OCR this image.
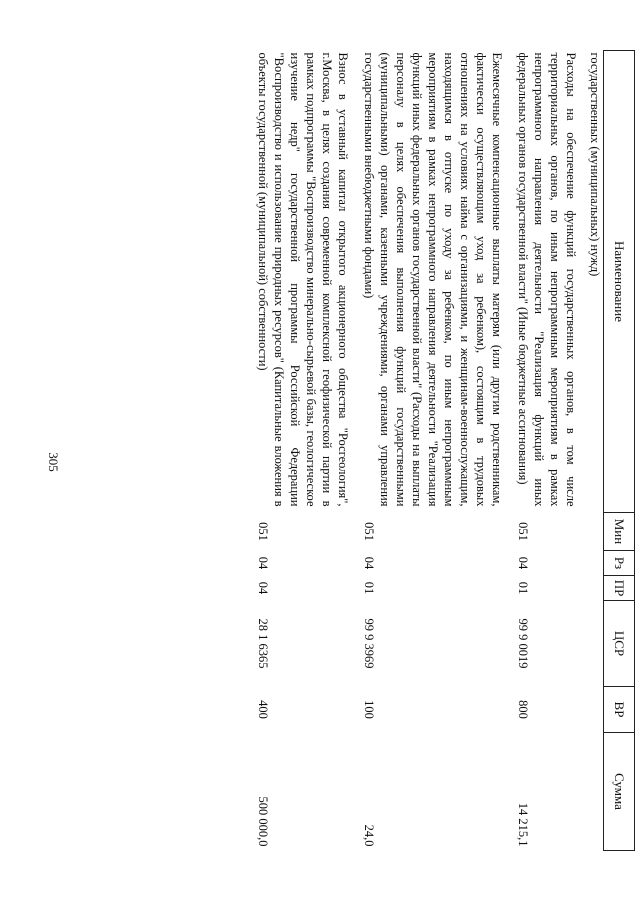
305
Наименование	Мин	Рз	ПР	ЦСР	ВР	Сумма
государственных (муниципальных) нужд)						
Расходы на обеспечение функций государственных органов, в том числе территориальных органов, по иным непрограммным мероприятиям в рамках непрограммного направления деятельности "Реализация функций иных федеральных органов государственной власти" (Иные бюджетные ассигнования)	051	04	01	99 9 0019	800	14 215,1
Ежемесячные компенсационные выплаты матерям (или другим родственникам, фактически осуществляющим уход за ребенком), состоящим в трудовых отношениях на условиях найма с организациями, и женщинам-военнослужащим, находящимся в отпуске по уходу за ребенком, по иным непрограммным мероприятиям в рамках непрограммного направления деятельности "Реализация функций иных федеральных органов государственной власти" (Расходы на выплаты персоналу в целях обеспечения выполнения функций государственными (муниципальными) органами, казенными учреждениями, органами управления государственными внебюджетными фондами)	051	04	01	99 9 3969	100	24,0
Взнос в уставный капитал открытого акционерного общества "Росгеология", г.Москва, в целях создания современной комплексной геофизической партии в рамках подпрограммы "Воспроизводство минерально-сырьевой базы, геологическое изучение недр" государственной программы Российской Федерации "Воспроизводство и использование природных ресурсов" (Капитальные вложения в объекты государственной (муниципальной) собственности)	051	04	04	28 1 6365	400	500 000,0
